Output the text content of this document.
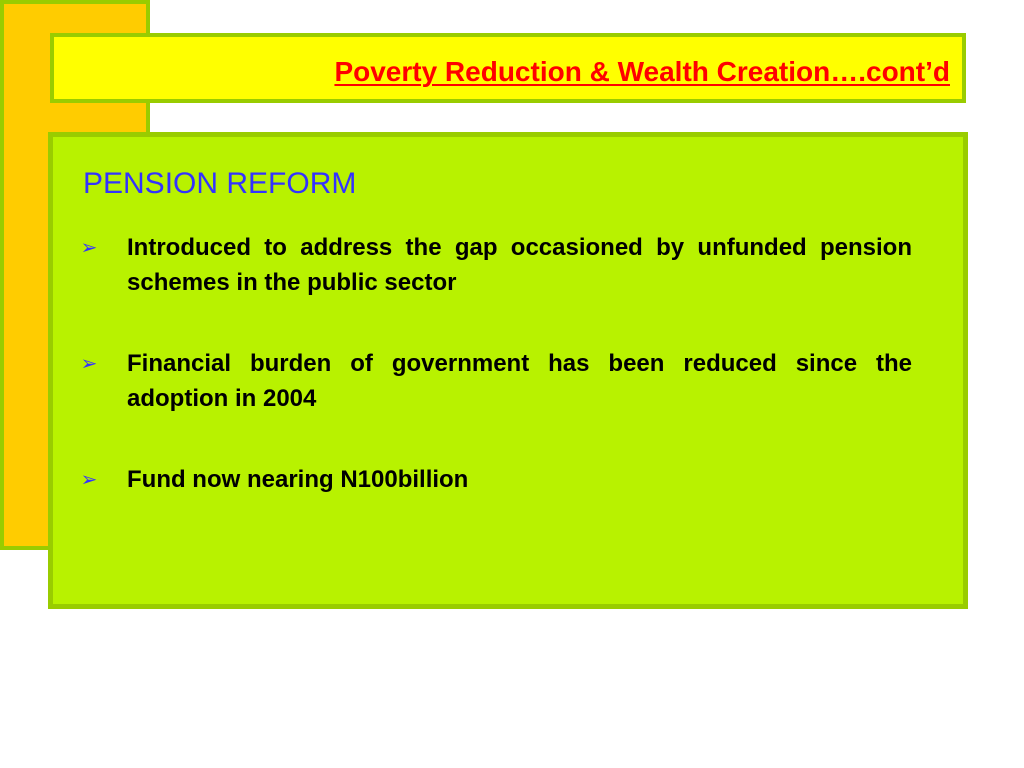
Poverty Reduction & Wealth Creation….cont’d
PENSION REFORM
➢ Introduced to address the gap occasioned by unfunded pension schemes in the public sector
➢ Financial burden of government has been reduced since the adoption in 2004
➢ Fund now nearing N100billion
